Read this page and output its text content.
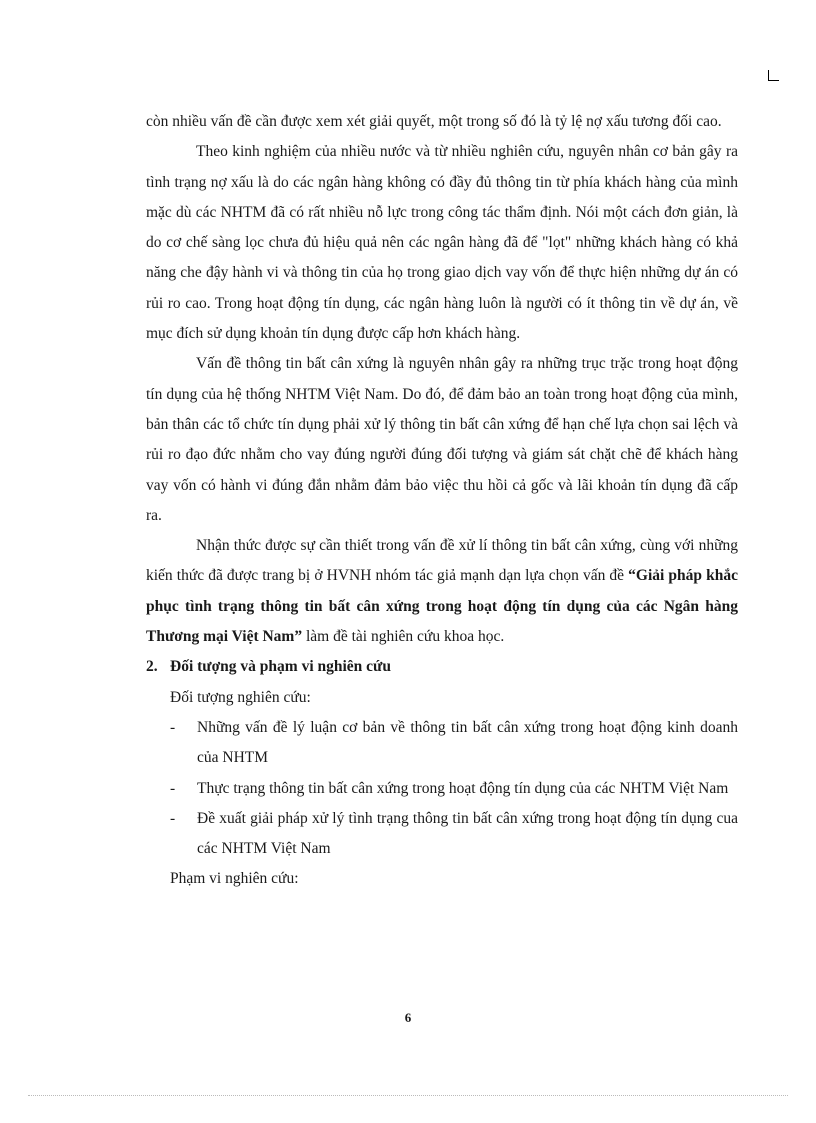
còn nhiều vấn đề cần được xem xét giải quyết, một trong số đó là tỷ lệ nợ xấu tương đối cao.

Theo kinh nghiệm của nhiều nước và từ nhiều nghiên cứu, nguyên nhân cơ bản gây ra tình trạng nợ xấu là do các ngân hàng không có đầy đủ thông tin từ phía khách hàng của mình mặc dù các NHTM đã có rất nhiều nỗ lực trong công tác thẩm định. Nói một cách đơn giản, là do cơ chế sàng lọc chưa đủ hiệu quả nên các ngân hàng đã để "lọt" những khách hàng có khả năng che đậy hành vi và thông tin của họ trong giao dịch vay vốn để thực hiện những dự án có rủi ro cao. Trong hoạt động tín dụng, các ngân hàng luôn là người có ít thông tin về dự án, về mục đích sử dụng khoản tín dụng được cấp hơn khách hàng.

Vấn đề thông tin bất cân xứng là nguyên nhân gây ra những trục trặc trong hoạt động tín dụng của hệ thống NHTM Việt Nam. Do đó, để đảm bảo an toàn trong hoạt động của mình, bản thân các tổ chức tín dụng phải xử lý thông tin bất cân xứng để hạn chế lựa chọn sai lệch và rủi ro đạo đức nhằm cho vay đúng người đúng đối tượng và giám sát chặt chẽ để khách hàng vay vốn có hành vi đúng đắn nhằm đảm bảo việc thu hồi cả gốc và lãi khoản tín dụng đã cấp ra.

Nhận thức được sự cần thiết trong vấn đề xử lí thông tin bất cân xứng, cùng với những kiến thức đã được trang bị ở HVNH nhóm tác giả mạnh dạn lựa chọn vấn đề “Giải pháp khắc phục tình trạng thông tin bất cân xứng trong hoạt động tín dụng của các Ngân hàng Thương mại Việt Nam” làm đề tài nghiên cứu khoa học.

2. Đối tượng và phạm vi nghiên cứu

Đối tượng nghiên cứu:

- Những vấn đề lý luận cơ bản về thông tin bất cân xứng trong hoạt động kinh doanh của NHTM
- Thực trạng thông tin bất cân xứng trong hoạt động tín dụng của các NHTM Việt Nam
- Đề xuất giải pháp xử lý tình trạng thông tin bất cân xứng trong hoạt động tín dụng cua các NHTM Việt Nam

Phạm vi nghiên cứu:

6
